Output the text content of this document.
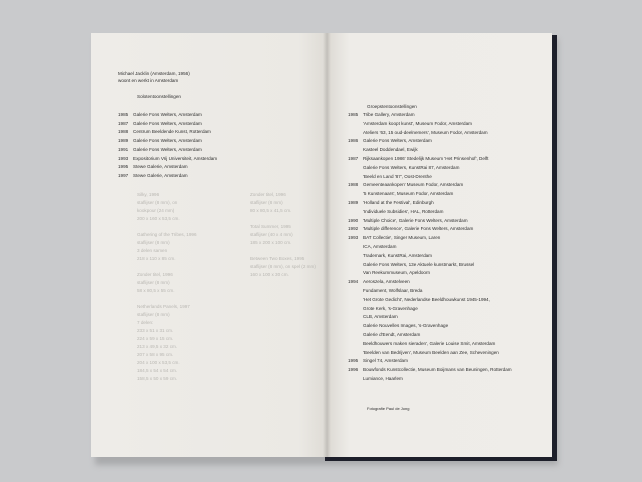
Michael Jacklin (Amsterdam, 1956)
woont en werkt in Amsterdam
Solotentoonstellingen
1985 Galerie Fons Welters, Amsterdam
1987 Galerie Fons Welters, Amsterdam
1988 Centrum Beeldende Kunst, Rotterdam
1989 Galerie Fons Welters, Amsterdam
1991 Galerie Fons Welters, Amsterdam
1993 Expositorium Vrij Universiteit, Amsterdam
1995 Stewe Galerie, Amsterdam
1997 Stewe Galerie, Amsterdam
Silky, 1996
staflijser (8 mm), on
kookpour (24 mm)
200 x 160 x 53,5 cm.
Gathering of the Tribes, 1996
staflijser (8 mm)
3 delen samen
218 x 110 x 85 cm.
Zonder titel, 1996
staflijser (8 mm)
58 x 80,5 x 55 cm.
Netherlands Panels, 1997
staflijser (8 mm)
7 delen:
233 x 51 x 31 cm.
224 x 59 x 15 cm.
213 x 49,5 x 32 cm.
207 x 58 x 95 cm.
204 x 100 x 53,5 cm.
184,5 x 54 x 54 cm.
158,5 x 50 x 59 cm.
Zonder titel, 1996
staflijser (8 mm)
80 x 80,5 x 41,5 cm.
Total Summer, 1995
staflijser (40 x 4 mm)
185 x 200 x 100 cm.
Between Two Boxes, 1995
staflijser (8 mm), on spel (2 mm)
160 x 100 x 30 cm.
Groepstentoonstellingen
1985 Tribe Gallery, Amsterdam
'Amsterdam koopt kunst', Museum Fodor, Amsterdam
Ateliers '63, 15 oud-deelnemers', Museum Fodor, Amsterdam
1986 Galerie Fons Welters, Amsterdam
Kasteel Doddendael, Ewijk
1987 Rijksaankopen 1986' Stedelijk Museum 'Het Prinsenhof', Delft
Galerie Fons Welters, KunstRai 87, Amsterdam
'Beeld en Land '87', Oost-Drenthe
1988 Gemeenteaankopen' Museum Fodor, Amsterdam
'5 Kunstenaars', Museum Fodor, Amsterdam
1989 'Holland at the Festival', Edinburgh
'Individuele Subsidies', HAL, Rotterdam
1990 'Multiple Choice', Galerie Fons Welters, Amsterdam
1992 'Multiple difference', Galerie Fons Welters, Amsterdam
1993 BAT Collectie', Singer Museum, Laren
ICA, Amsterdam
Trademark, KunstRai, Amsterdam
Galerie Fons Welters, 13e Aktuele kunstmarkt, Brussel
Van Reekummuseum, Apeldoorn
1994 Aeroszela, Amstelveen
Fundament, Wolfslaar, Breda
'Het Grote Gedicht', Nederlandse Beeldhouwkunst 1945-1994,
Grote Kerk, 's-Gravenhage
CLB, Amsterdam
Galerie Nouvelles Images, 's-Gravenhage
Galerie d'Eendt, Amsterdam
Beeldhouwers maken sieraden', Galerie Louise Smit, Amsterdam
'Beelden van Bedrijven', Museum Beelden aan Zee, Scheveningen
1995 Singel 74, Amsterdam
1996 Bouwfonds Kunstcollectie, Museum Boijmans van Beuningen, Rotterdam
Lumiance, Haarlem
Fotografie Paul de Jong
